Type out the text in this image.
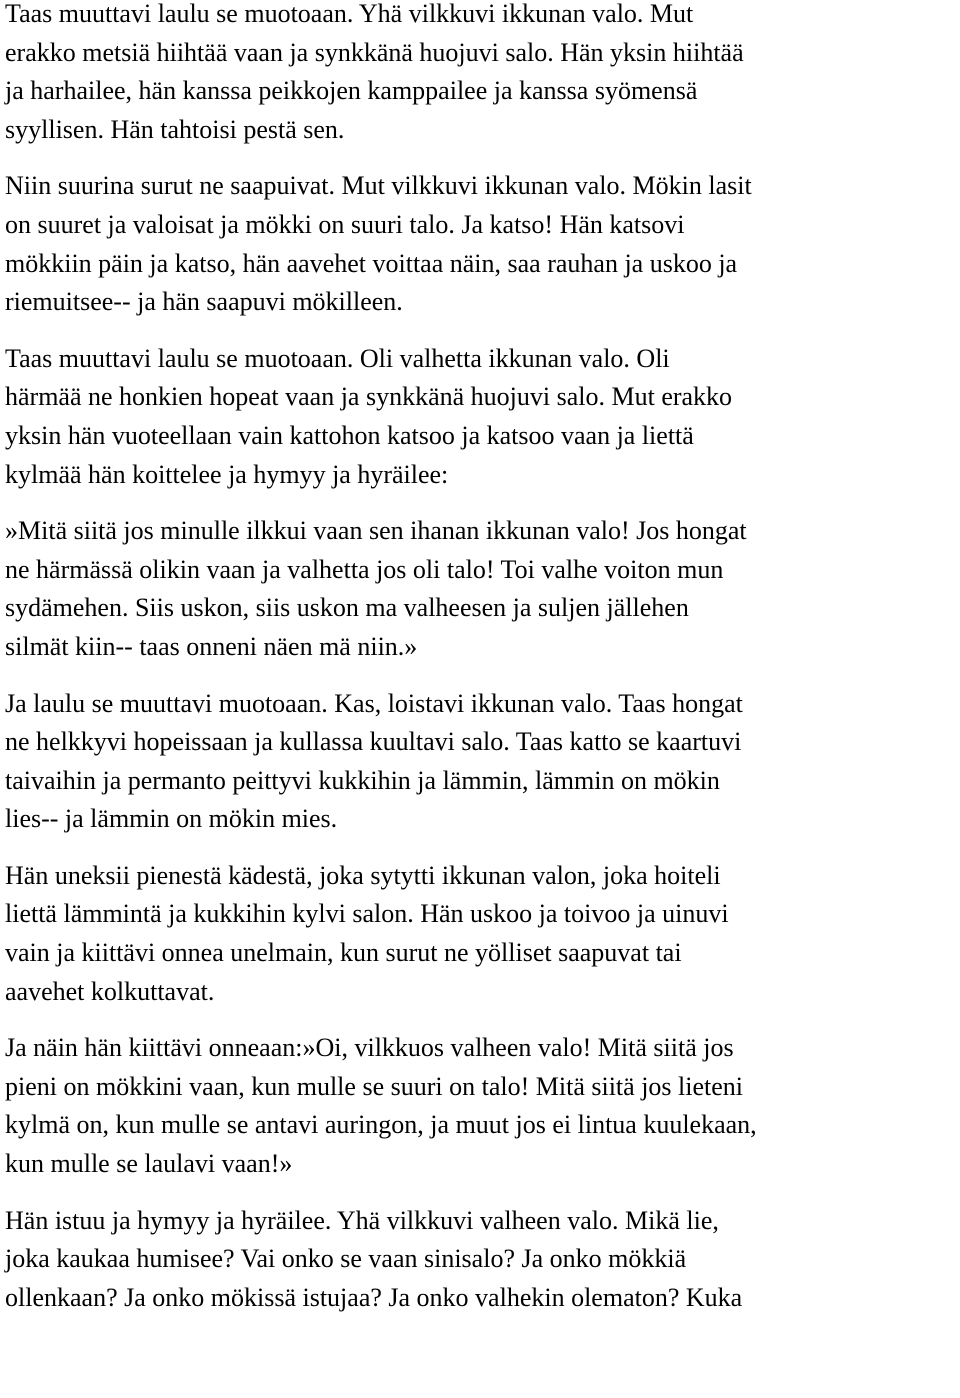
Taas muuttavi laulu se muotoaan. Yhä vilkkuvi ikkunan valo. Mut
erakko metsiä hiihtää vaan ja synkkänä huojuvi salo. Hän yksin hiihtää
ja harhailee, hän kanssa peikkojen kamppailee ja kanssa syömensä
syyllisen. Hän tahtoisi pestä sen.

Niin suurina surut ne saapuivat. Mut vilkkuvi ikkunan valo. Mökin lasit
on suuret ja valoisat ja mökki on suuri talo. Ja katso! Hän katsovi
mökkiin päin ja katso, hän aavehet voittaa näin, saa rauhan ja uskoo ja
riemuitsee-- ja hän saapuvi mökilleen.

Taas muuttavi laulu se muotoaan. Oli valhetta ikkunan valo. Oli
härmää ne honkien hopeat vaan ja synkkänä huojuvi salo. Mut erakko
yksin hän vuoteellaan vain kattohon katsoo ja katsoo vaan ja liettä
kylmää hän koittelee ja hymyy ja hyräilee:

»Mitä siitä jos minulle ilkkui vaan sen ihanan ikkunan valo! Jos hongat
ne härmässä olikin vaan ja valhetta jos oli talo! Toi valhe voiton mun
sydämehen. Siis uskon, siis uskon ma valheesen ja suljen jällehen
silmät kiin-- taas onneni näen mä niin.»

Ja laulu se muuttavi muotoaan. Kas, loistavi ikkunan valo. Taas hongat
ne helkkyvi hopeissaan ja kullassa kuultavi salo. Taas katto se kaartuvi
taivaihin ja permanto peittyvi kukkihin ja lämmin, lämmin on mökin
lies-- ja lämmin on mökin mies.

Hän uneksii pienestä kädestä, joka sytytti ikkunan valon, joka hoiteli
liettä lämmintä ja kukkihin kylvi salon. Hän uskoo ja toivoo ja uinuvi
vain ja kiittävi onnea unelmain, kun surut ne yölliset saapuvat tai
aavehet kolkuttavat.

Ja näin hän kiittävi onneaan:»Oi, vilkkuos valheen valo! Mitä siitä jos
pieni on mökkini vaan, kun mulle se suuri on talo! Mitä siitä jos lieteni
kylmä on, kun mulle se antavi auringon, ja muut jos ei lintua kuulekaan,
kun mulle se laulavi vaan!»

Hän istuu ja hymyy ja hyräilee. Yhä vilkkuvi valheen valo. Mikä lie,
joka kaukaa humisee? Vai onko se vaan sinisalo? Ja onko mökkiä
ollenkaan? Ja onko mökissä istujaa? Ja onko valhekin olematon? Kuka
